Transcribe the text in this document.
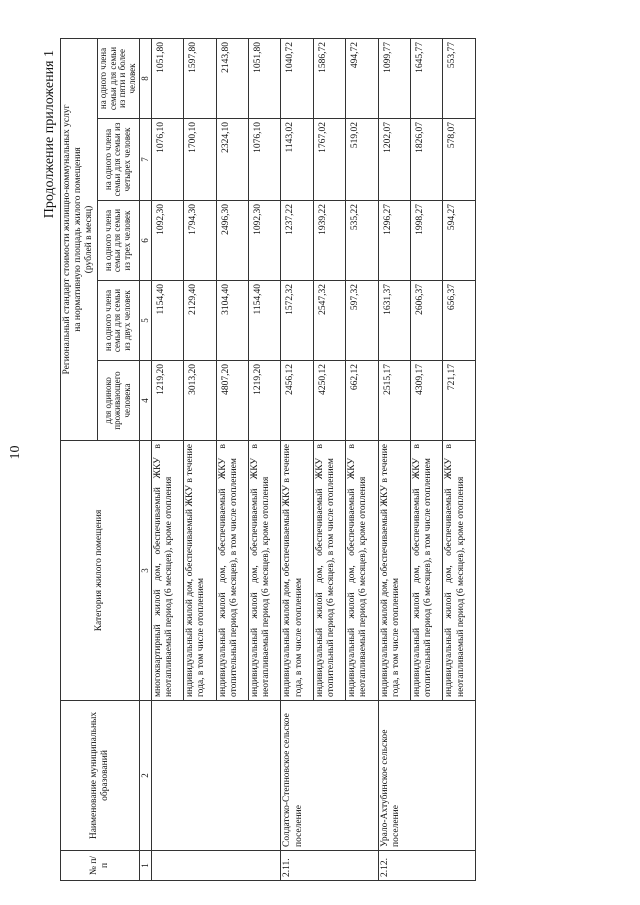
10
Продолжение приложения 1
№ п/п	Наименование муниципальных образований	Категория жилого помещения	Региональный стандарт стоимости жилищно-коммунальных услуг на нормативную площадь жилого помещения (рублей в месяц)				

			для одиноко проживающего человека	на одного члена семьи для семьи из двух человек	на одного члена семьи для семьи из трех человек	на одного члена семьи для семьи из четырех человек	на одного члена семьи для семьи из пяти и более человек
1	2	3	4	5	6	7	8
		многоквартирный жилой дом, обеспечиваемый ЖКУ в неотапливаемый период (6 месяцев), кроме отопления	1219,20	1154,40	1092,30	1076,10	1051,80
		индивидуальный жилой дом, обеспечиваемый ЖКУ в течение года, в том числе отоплением	3013,20	2129,40	1794,30	1700,10	1597,80
		индивидуальный жилой дом, обеспечиваемый ЖКУ в отопительный период (6 месяцев), в том числе отоплением	4807,20	3104,40	2496,30	2324,10	2143,80
		индивидуальный жилой дом, обеспечиваемый ЖКУ в неотапливаемый период (6 месяцев), кроме отопления	1219,20	1154,40	1092,30	1076,10	1051,80
2.11.	Солдатско-Степновское сельское поселение	индивидуальный жилой дом, обеспечиваемый ЖКУ в течение года, в том числе отоплением	2456,12	1572,32	1237,22	1143,02	1040,72
		индивидуальный жилой дом, обеспечиваемый ЖКУ в отопительный период (6 месяцев), в том числе отоплением	4250,12	2547,32	1939,22	1767,02	1586,72
		индивидуальный жилой дом, обеспечиваемый ЖКУ в неотапливаемый период (6 месяцев), кроме отопления	662,12	597,32	535,22	519,02	494,72
2.12.	Урало-Ахтубинское сельское поселение	индивидуальный жилой дом, обеспечиваемый ЖКУ в течение года, в том числе отоплением	2515,17	1631,37	1296,27	1202,07	1099,77
		индивидуальный жилой дом, обеспечиваемый ЖКУ в отопительный период (6 месяцев), в том числе отоплением	4309,17	2606,37	1998,27	1826,07	1645,77
		индивидуальный жилой дом, обеспечиваемый ЖКУ в неотапливаемый период (6 месяцев), кроме отопления	721,17	656,37	594,27	578,07	553,77
